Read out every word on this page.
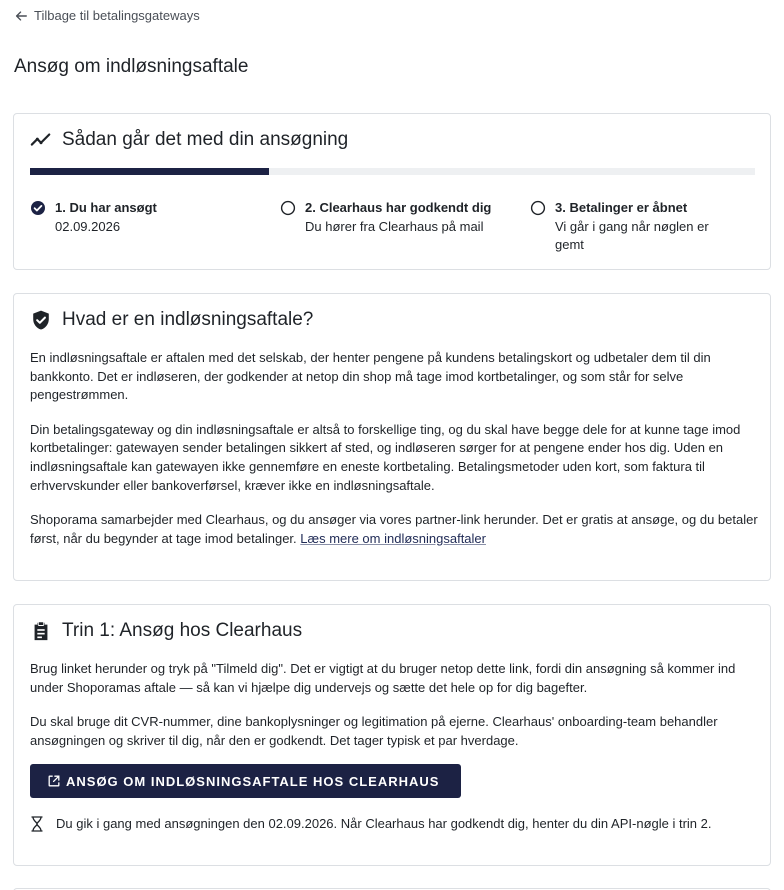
Tilbage til betalingsgateways
Ansøg om indløsningsaftale
Sådan går det med din ansøgning
1. Du har ansøgt
02.09.2026
2. Clearhaus har godkendt dig
Du hører fra Clearhaus på mail
3. Betalinger er åbnet
Vi går i gang når nøglen er gemt
Hvad er en indløsningsaftale?

En indløsningsaftale er aftalen med det selskab, der henter pengene på kundens betalingskort og udbetaler dem til din bankkonto. Det er indløseren, der godkender at netop din shop må tage imod kortbetalinger, og som står for selve pengestrømmen.

Din betalingsgateway og din indløsningsaftale er altså to forskellige ting, og du skal have begge dele for at kunne tage imod kortbetalinger: gatewayen sender betalingen sikkert af sted, og indløseren sørger for at pengene ender hos dig. Uden en indløsningsaftale kan gatewayen ikke gennemføre en eneste kortbetaling. Betalingsmetoder uden kort, som faktura til erhvervskunder eller bankoverførsel, kræver ikke en indløsningsaftale.

Shoporama samarbejder med Clearhaus, og du ansøger via vores partner-link herunder. Det er gratis at ansøge, og du betaler først, når du begynder at tage imod betalinger. Læs mere om indløsningsaftaler

Trin 1: Ansøg hos Clearhaus

Brug linket herunder og tryk på "Tilmeld dig". Det er vigtigt at du bruger netop dette link, fordi din ansøgning så kommer ind under Shoporamas aftale — så kan vi hjælpe dig undervejs og sætte det hele op for dig bagefter.

Du skal bruge dit CVR-nummer, dine bankoplysninger og legitimation på ejerne. Clearhaus' onboarding-team behandler ansøgningen og skriver til dig, når den er godkendt. Det tager typisk et par hverdage.

ANSØG OM INDLØSNINGSAFTALE HOS CLEARHAUS

Du gik i gang med ansøgningen den 02.09.2026. Når Clearhaus har godkendt dig, henter du din API-nøgle i trin 2.
